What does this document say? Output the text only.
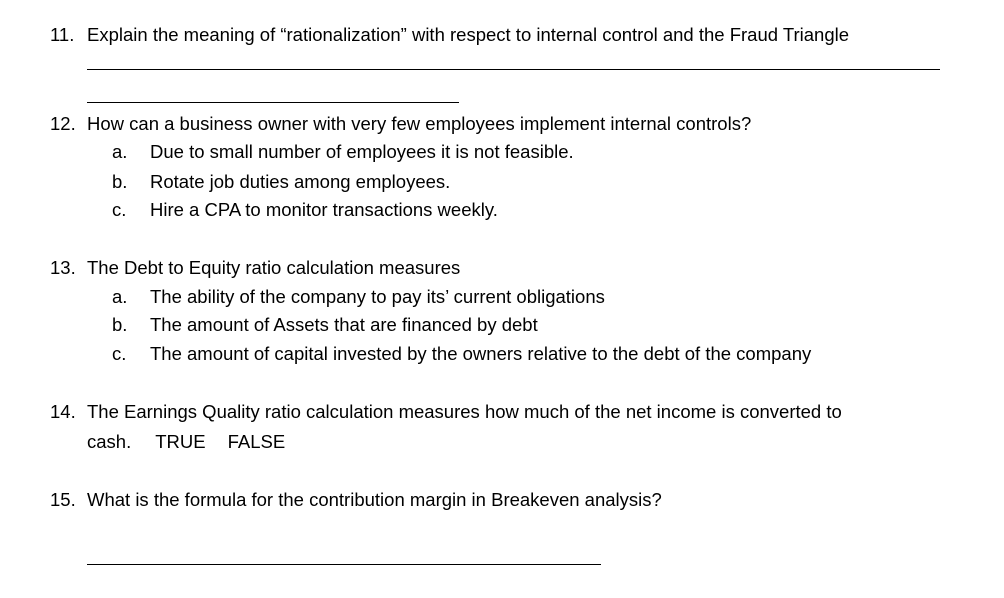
11. Explain the meaning of “rationalization” with respect to internal control and the Fraud Triangle
12. How can a business owner with very few employees implement internal controls?
a. Due to small number of employees it is not feasible.
b. Rotate job duties among employees.
c. Hire a CPA to monitor transactions weekly.
13. The Debt to Equity ratio calculation measures
a. The ability of the company to pay its’ current obligations
b. The amount of Assets that are financed by debt
c. The amount of capital invested by the owners relative to the debt of the company
14. The Earnings Quality ratio calculation measures how much of the net income is converted to
cash. TRUE FALSE
15. What is the formula for the contribution margin in Breakeven analysis?
